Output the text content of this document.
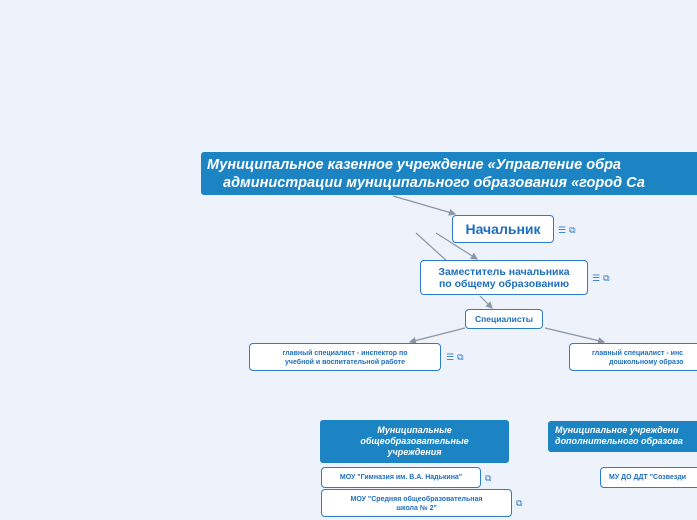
Муниципальное казенное учреждение «Управление обра
администрации муниципального образования «город Са
Начальник	☰ ⧉
Заместитель начальника
по общему образованию	☰ ⧉
Специалисты
главный специалист - инспектор по
учебной и воспитательной работе
☰ ⧉	главный специалист - инс
дошкольному образо
Муниципальные
общеобразовательные
учреждения
Муниципальное учреждени
дополнительного образова
МОУ "Гимназия им. В.А. Надькина"	⧉
МОУ "Средняя общеобразовательная
школа № 2"
⧉
МУ ДО ДДТ "Созвезди
